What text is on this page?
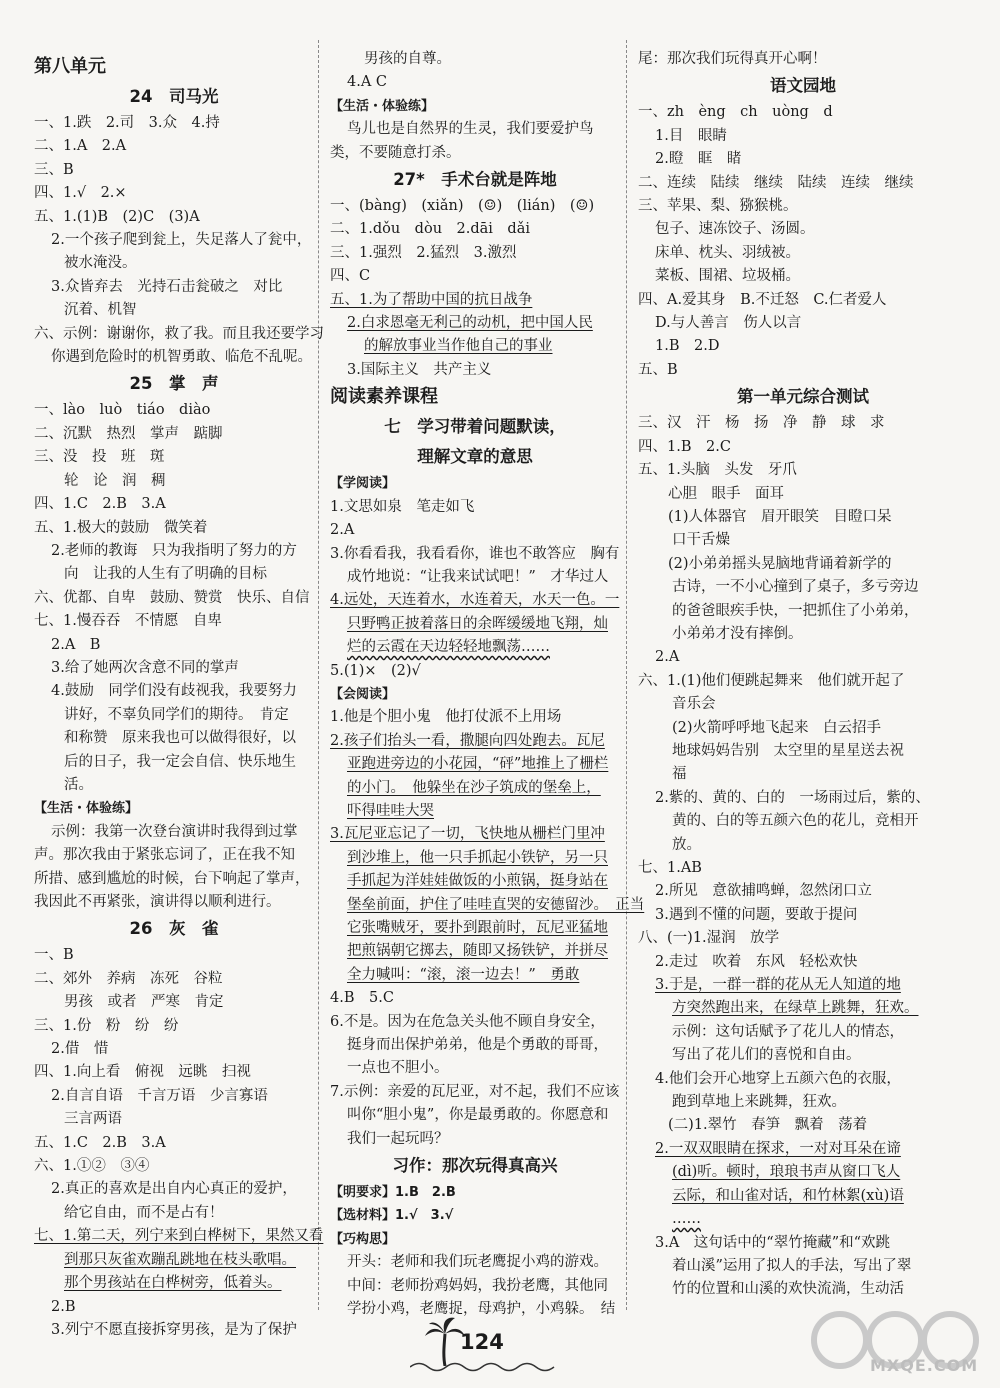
第八单元
24　司马光
一、1.跌　2.司　3.众　4.持
二、1.A　2.A
三、B
四、1.√　2.×
五、1.(1)B　(2)C　(3)A
2.一个孩子爬到瓮上，失足落人了瓮中，
被水淹没。
3.众皆弃去　光持石击瓮破之　对比
沉着、机智
六、示例：谢谢你，救了我。而且我还要学习
你遇到危险时的机智勇敢、临危不乱呢。
25　掌　声
一、lào　luò　tiáo　diào
二、沉默　热烈　掌声　踮脚
三、没　投　班　斑
轮　论　润　稠
四、1.C　2.B　3.A
五、1.极大的鼓励　微笑着
2.老师的教诲　只为我指明了努力的方
向　让我的人生有了明确的目标
六、优都、自卑　鼓励、赞赏　快乐、自信
七、1.慢吞吞　不情愿　自卑
2.A　B
3.给了她两次含意不同的掌声
4.鼓励　同学们没有歧视我，我要努力
讲好，不辜负同学们的期待。　肯定
和称赞　原来我也可以做得很好，以
后的日子，我一定会自信、快乐地生
活。
【生活・体验练】
示例：我第一次登台演讲时我得到过掌
声。那次我由于紧张忘词了，正在我不知
所措、感到尴尬的时候，台下响起了掌声，
我因此不再紧张，演讲得以顺利进行。
26　灰　雀
一、B
二、郊外　养病　冻死　谷粒
男孩　或者　严寒　肯定
三、1.份　粉　纷　纷
2.借　惜
四、1.向上看　俯视　远眺　扫视
2.自言自语　千言万语　少言寡语
三言两语
五、1.C　2.B　3.A
六、1.①②　③④
2.真正的喜欢是出自内心真正的爱护，
给它自由，而不是占有！
七、1.第二天，列宁来到白桦树下，果然又看
到那只灰雀欢蹦乱跳地在枝头歌唱。
那个男孩站在白桦树旁，低着头。
2.B
3.列宁不愿直接拆穿男孩，是为了保护
男孩的自尊。
4.A C
【生活・体验练】
鸟儿也是自然界的生灵，我们要爱护鸟
类，不要随意打杀。
27*　手术台就是阵地
一、(bàng)　(xiǎn)　(☺)　(lián)　(☺)
二、1.dǒu　dòu　2.dāi　dǎi
三、1.强烈　2.猛烈　3.激烈
四、C
五、1.为了帮助中国的抗日战争
2.白求恩毫无利己的动机，把中国人民
的解放事业当作他自己的事业
3.国际主义　共产主义
阅读素养课程
七　学习带着问题默读，
理解文章的意思
【学阅读】
1.文思如泉　笔走如飞
2.A
3.你看看我，我看看你，谁也不敢答应　胸有
成竹地说：“让我来试试吧！”　才华过人
4.远处，天连着水，水连着天，水天一色。一
只野鸭正披着落日的余晖缓缓地飞翔，灿
烂的云霞在天边轻轻地飘荡……
5.(1)×　(2)√
【会阅读】
1.他是个胆小鬼　他打仗派不上用场
2.孩子们抬头一看，撒腿向四处跑去。瓦尼
亚跑进旁边的小花园，“砰”地推上了栅栏
的小门。　他躲坐在沙子筑成的堡垒上，
吓得哇哇大哭
3.瓦尼亚忘记了一切，飞快地从栅栏门里冲
到沙堆上，他一只手抓起小铁铲，另一只
手抓起为洋娃娃做饭的小煎锅，挺身站在
堡垒前面，护住了哇哇直哭的安德留沙。　正当
它张嘴贼牙，要扑到跟前时，瓦尼亚猛地
把煎锅朝它掷去，随即又扬铁铲，并拼尽
全力喊叫：“滚，滚一边去！”　勇敢
4.B　5.C
6.不是。因为在危急关头他不顾自身安全，
挺身而出保护弟弟，他是个勇敢的哥哥，
一点也不胆小。
7.示例：亲爱的瓦尼亚，对不起，我们不应该
叫你“胆小鬼”，你是最勇敢的。你愿意和
我们一起玩吗？
习作：那次玩得真高兴
【明要求】1.B　2.B
【选材料】1.√　3.√
【巧构思】
开头：老师和我们玩老鹰捉小鸡的游戏。
中间：老师扮鸡妈妈，我扮老鹰，其他同
学扮小鸡，老鹰捉，母鸡护，小鸡躲。　结
尾：那次我们玩得真开心啊！
语文园地
一、zh　èng　ch　uòng　d
1.目　眼睛
2.瞪　眶　睹
二、连续　陆续　继续　陆续　连续　继续
三、苹果、梨、猕猴桃。
包子、速冻饺子、汤圆。
床单、枕头、羽绒被。
菜板、围裙、垃圾桶。
四、A.爱其身　B.不迁怒　C.仁者爱人
D.与人善言　伤人以言
1.B　2.D
五、B
第一单元综合测试
三、汉　汗　杨　扬　净　静　球　求
四、1.B　2.C
五、1.头脑　头发　牙爪
心胆　眼手　面耳
(1)人体器官　眉开眼笑　目瞪口呆
口干舌燥
(2)小弟弟摇头晃脑地背诵着新学的
古诗，一不小心撞到了桌子，多亏旁边
的爸爸眼疾手快，一把抓住了小弟弟，
小弟弟才没有摔倒。
2.A
六、1.(1)他们便跳起舞来　他们就开起了
音乐会
(2)火箭呼呼地飞起来　白云招手
地球妈妈告别　太空里的星星送去祝
福
2.紫的、黄的、白的　一场雨过后，紫的、
黄的、白的等五颜六色的花儿，竞相开
放。
七、1.AB
2.所见　意欲捕鸣蝉，忽然闭口立
3.遇到不懂的问题，要敢于提问
八、(一)1.湿润　放学
2.走过　吹着　东风　轻松欢快
3.于是，一群一群的花从无人知道的地
方突然跑出来，在绿草上跳舞，狂欢。
示例：这句话赋予了花儿人的情态，
写出了花儿们的喜悦和自由。
4.他们会开心地穿上五颜六色的衣服，
跑到草地上来跳舞，狂欢。
(二)1.翠竹　春笋　飘着　荡着
2.一双双眼睛在探求，一对对耳朵在谛
(dì)听。顿时，琅琅书声从窗口飞人
云际，和山雀对话，和竹林絮(xù)语
……
3.A　这句话中的“翠竹掩藏”和“欢跳
着山溪”运用了拟人的手法，写出了翠
竹的位置和山溪的欢快流淌，生动活
124
MXQE.COM
